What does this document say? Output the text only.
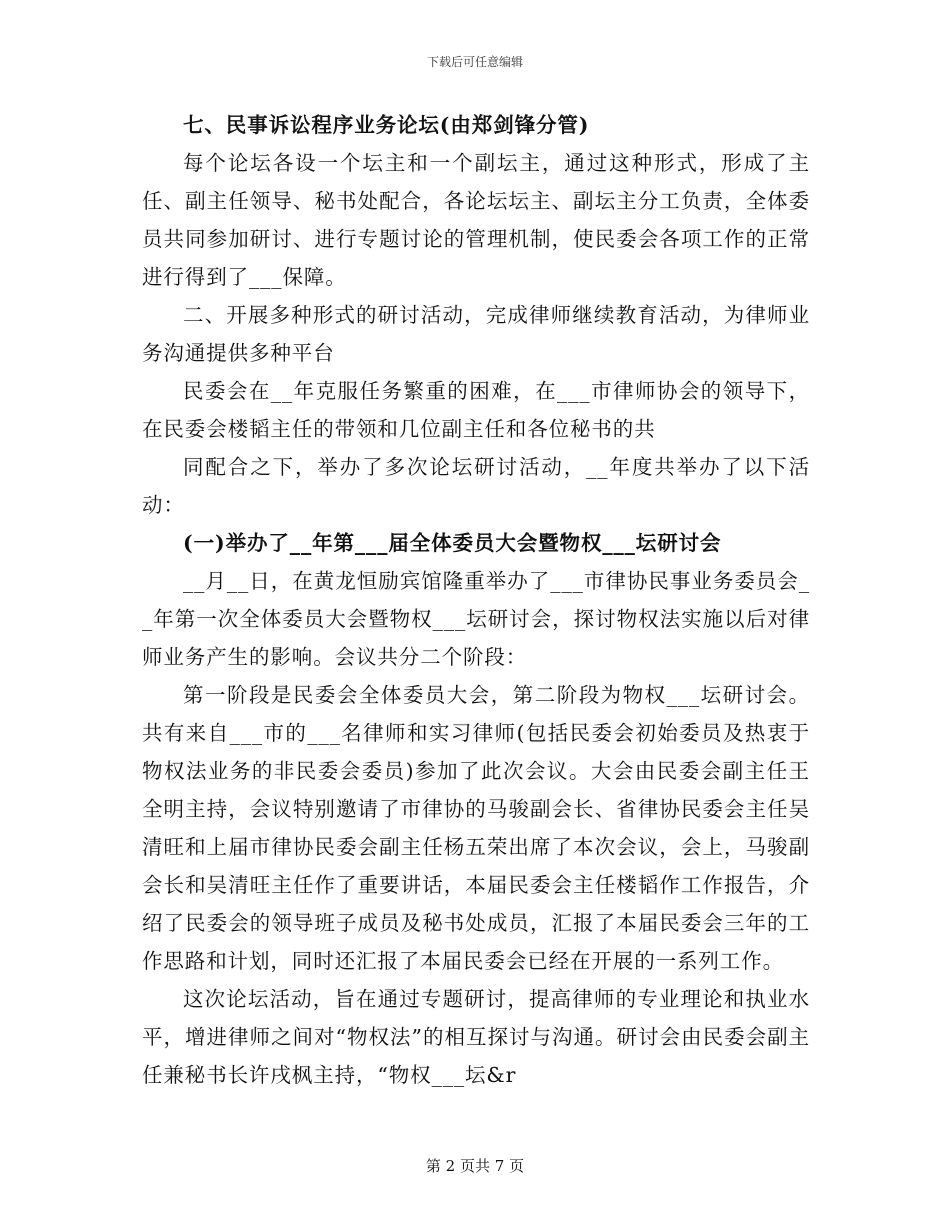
下载后可任意编辑

七、民事诉讼程序业务论坛(由郑剑锋分管)

每个论坛各设一个坛主和一个副坛主，通过这种形式，形成了主任、副主任领导、秘书处配合，各论坛坛主、副坛主分工负责，全体委员共同参加研讨、进行专题讨论的管理机制，使民委会各项工作的正常进行得到了___保障。

二、开展多种形式的研讨活动，完成律师继续教育活动，为律师业务沟通提供多种平台

民委会在__年克服任务繁重的困难，在___市律师协会的领导下，在民委会楼韬主任的带领和几位副主任和各位秘书的共

同配合之下，举办了多次论坛研讨活动，__年度共举办了以下活动：

(一)举办了__年第___届全体委员大会暨物权___坛研讨会

__月__日，在黄龙恒励宾馆隆重举办了___市律协民事业务委员会__年第一次全体委员大会暨物权___坛研讨会，探讨物权法实施以后对律师业务产生的影响。会议共分二个阶段：

第一阶段是民委会全体委员大会，第二阶段为物权___坛研讨会。共有来自___市的___名律师和实习律师(包括民委会初始委员及热衷于物权法业务的非民委会委员)参加了此次会议。大会由民委会副主任王全明主持，会议特别邀请了市律协的马骏副会长、省律协民委会主任吴清旺和上届市律协民委会副主任杨五荣出席了本次会议，会上，马骏副会长和吴清旺主任作了重要讲话，本届民委会主任楼韬作工作报告，介绍了民委会的领导班子成员及秘书处成员，汇报了本届民委会三年的工作思路和计划，同时还汇报了本届民委会已经在开展的一系列工作。

这次论坛活动，旨在通过专题研讨，提高律师的专业理论和执业水平，增进律师之间对“物权法”的相互探讨与沟通。研讨会由民委会副主任兼秘书长许戌枫主持，“物权___坛&r

第 2 页共 7 页
